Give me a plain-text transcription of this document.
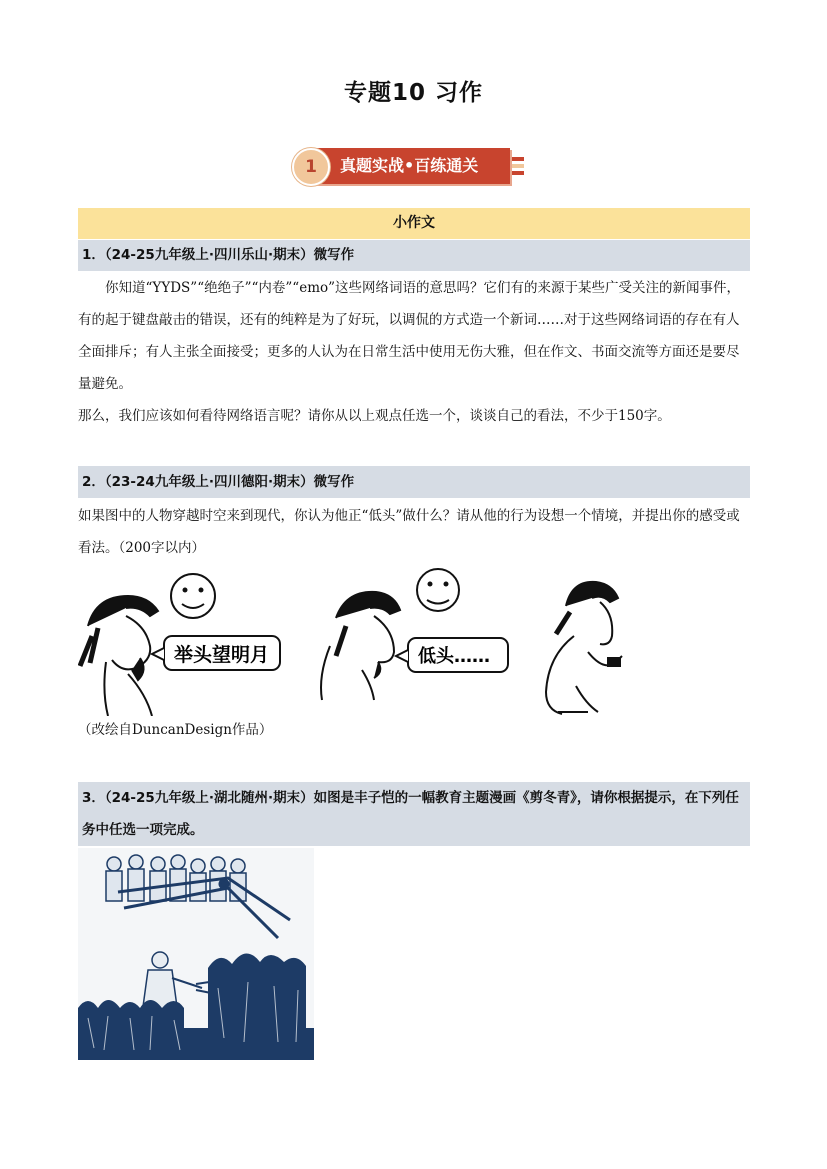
专题10 习作
1	真题实战•百练通关
小作文
1．（24-25九年级上·四川乐山·期末）微写作
你知道“YYDS”“绝绝子”“内卷”“emo”这些网络词语的意思吗？它们有的来源于某些广受关注的新闻事件，有的起于键盘敲击的错误，还有的纯粹是为了好玩，以调侃的方式造一个新词……对于这些网络词语的存在有人全面排斥；有人主张全面接受；更多的人认为在日常生活中使用无伤大雅，但在作文、书面交流等方面还是要尽量避免。
那么，我们应该如何看待网络语言呢？请你从以上观点任选一个，谈谈自己的看法，不少于150字。
2．（23-24九年级上·四川德阳·期末）微写作
如果图中的人物穿越时空来到现代，你认为他正“低头”做什么？请从他的行为设想一个情境，并提出你的感受或看法。（200字以内）
举头望明月	低头……
（改绘自DuncanDesign作品）
3．（24-25九年级上·湖北随州·期末）如图是丰子恺的一幅教育主题漫画《剪冬青》，请你根据提示，在下列任务中任选一项完成。
